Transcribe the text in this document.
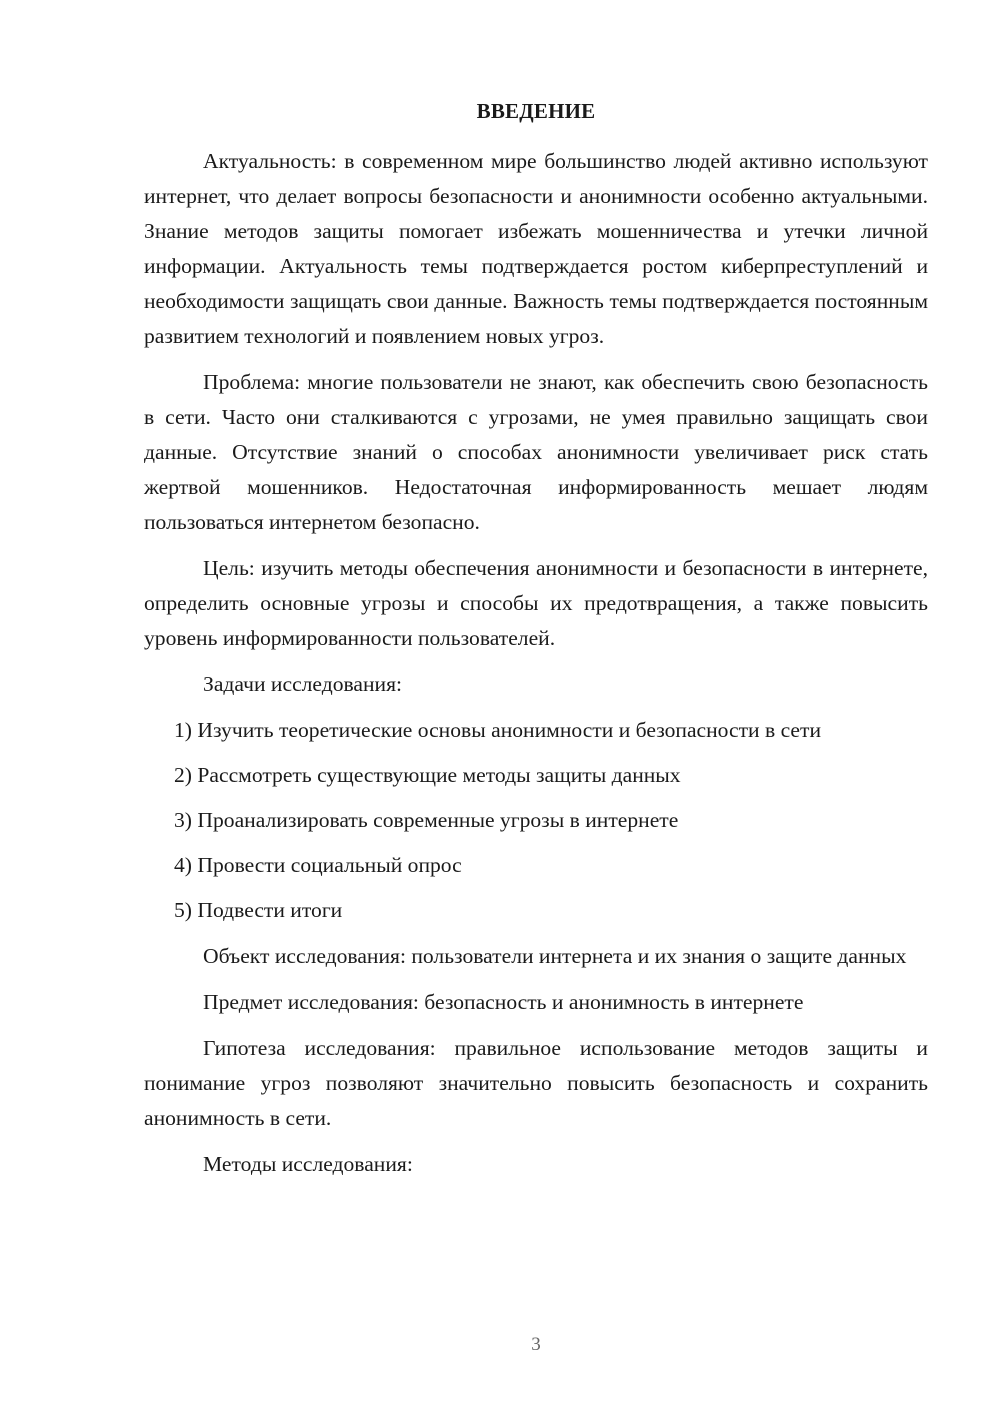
ВВЕДЕНИЕ

Актуальность: в современном мире большинство людей активно используют интернет, что делает вопросы безопасности и анонимности особенно актуальными. Знание методов защиты помогает избежать мошенничества и утечки личной информации. Актуальность темы подтверждается ростом киберпреступлений и необходимости защищать свои данные. Важность темы подтверждается постоянным развитием технологий и появлением новых угроз.

Проблема: многие пользователи не знают, как обеспечить свою безопасность в сети. Часто они сталкиваются с угрозами, не умея правильно защищать свои данные. Отсутствие знаний о способах анонимности увеличивает риск стать жертвой мошенников. Недостаточная информированность мешает людям пользоваться интернетом безопасно.

Цель: изучить методы обеспечения анонимности и безопасности в интернете, определить основные угрозы и способы их предотвращения, а также повысить уровень информированности пользователей.

Задачи исследования:

1) Изучить теоретические основы анонимности и безопасности в сети
2) Рассмотреть существующие методы защиты данных
3) Проанализировать современные угрозы в интернете
4) Провести социальный опрос
5) Подвести итоги

Объект исследования: пользователи интернета и их знания о защите данных

Предмет исследования: безопасность и анонимность в интернете

Гипотеза исследования: правильное использование методов защиты и понимание угроз позволяют значительно повысить безопасность и сохранить анонимность в сети.

Методы исследования:

3
